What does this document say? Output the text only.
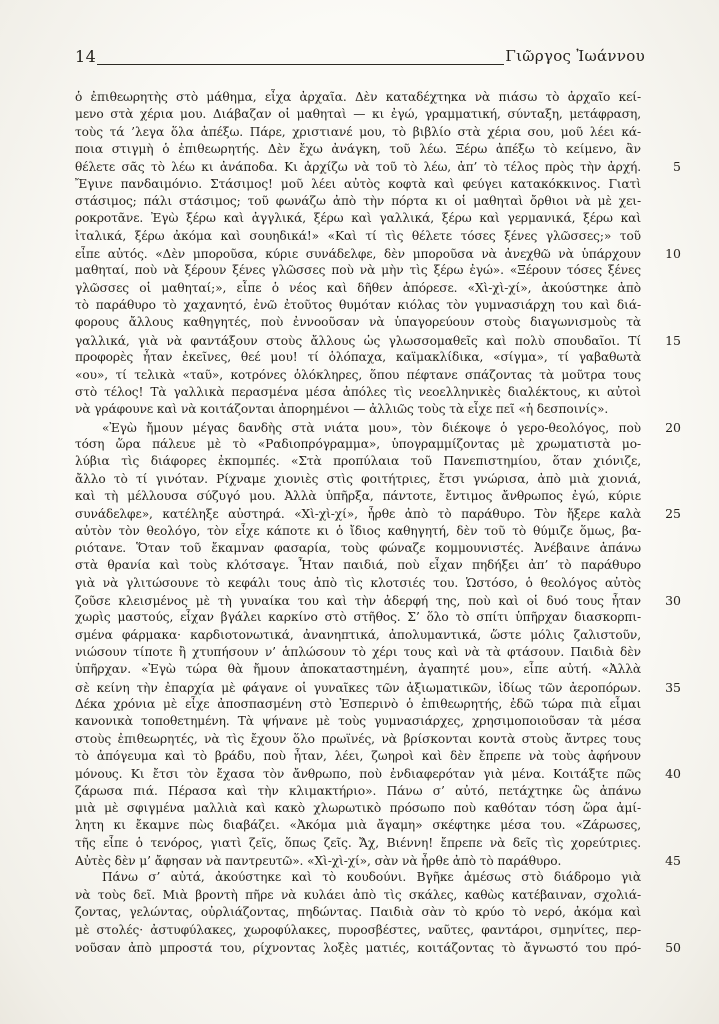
14	Γιῶργος Ἰωάννου
ὁ ἐπιθεωρητὴς στὸ μάθημα, εἶχα ἀρχαῖα. Δὲν καταδέχτηκα νὰ πιάσω τὸ ἀρχαῖο κεί-
μενο στὰ χέρια μου. Διάβαζαν οἱ μαθηταὶ — κι ἐγώ, γραμματική, σύνταξη, μετάφραση,
τοὺς τά ’λεγα ὅλα ἀπέξω. Πάρε, χριστιανέ μου, τὸ βιβλίο στὰ χέρια σου, μοῦ λέει κά-
ποια στιγμὴ ὁ ἐπιθεωρητής. Δὲν ἔχω ἀνάγκη, τοῦ λέω. Ξέρω ἀπέξω τὸ κείμενο, ἂν
θέλετε σᾶς τὸ λέω κι ἀνάποδα. Κι ἀρχίζω νὰ τοῦ τὸ λέω, ἀπ’ τὸ τέλος πρὸς τὴν ἀρχή.	5
Ἔγινε πανδαιμόνιο. Στάσιμος! μοῦ λέει αὐτὸς κοφτὰ καὶ φεύγει κατακόκκινος. Γιατὶ
στάσιμος; πάλι στάσιμος; τοῦ φωνάζω ἀπὸ τὴν πόρτα κι οἱ μαθηταὶ ὄρθιοι νὰ μὲ χει-
ροκροτᾶνε. Ἐγὼ ξέρω καὶ ἀγγλικά, ξέρω καὶ γαλλικά, ξέρω καὶ γερμανικά, ξέρω καὶ
ἰταλικά, ξέρω ἀκόμα καὶ σουηδικά!» «Καὶ τί τὶς θέλετε τόσες ξένες γλῶσσες;» τοῦ
εἶπε αὐτός. «Δὲν μποροῦσα, κύριε συνάδελφε, δὲν μποροῦσα νὰ ἀνεχθῶ νὰ ὑπάρχουν	10
μαθηταί, ποὺ νὰ ξέρουν ξένες γλῶσσες ποὺ νὰ μὴν τὶς ξέρω ἐγώ». «Ξέρουν τόσες ξένες
γλῶσσες οἱ μαθηταί;», εἶπε ὁ νέος καὶ δῆθεν ἀπόρεσε. «Χὶ-χὶ-χί», ἀκούστηκε ἀπὸ
τὸ παράθυρο τὸ χαχανητό, ἐνῶ ἐτοῦτος θυμόταν κιόλας τὸν γυμνασιάρχη του καὶ διά-
φορους ἄλλους καθηγητές, ποὺ ἐννοοῦσαν νὰ ὑπαγορεύουν στοὺς διαγωνισμοὺς τὰ
γαλλικά, γιὰ νὰ φαντάξουν στοὺς ἄλλους ὡς γλωσσομαθεῖς καὶ πολὺ σπουδαῖοι. Τί	15
προφορὲς ἦταν ἐκεῖνες, θεέ μου! τί ὁλόπαχα, καϊμακλίδικα, «σίγμα», τί γαβαθωτὰ
«ου», τί τελικὰ «ταῦ», κοτρόνες ὁλόκληρες, ὅπου πέφτανε σπάζοντας τὰ μοῦτρα τους
στὸ τέλος! Τὰ γαλλικὰ περασμένα μέσα ἀπόλες τὶς νεοελληνικὲς διαλέκτους, κι αὐτοὶ
νὰ γράφουνε καὶ νὰ κοιτάζονται ἀπορημένοι — ἀλλιῶς τοὺς τὰ εἶχε πεῖ «ἡ δεσποινίς».
«Ἐγὼ ἤμουν μέγας δανδὴς στὰ νιάτα μου», τὸν διέκοψε ὁ γερο-θεολόγος, ποὺ	20
τόση ὥρα πάλευε μὲ τὸ «Ραδιοπρόγραμμα», ὑπογραμμίζοντας μὲ χρωματιστὰ μο-
λύβια τὶς διάφορες ἐκπομπές. «Στὰ προπύλαια τοῦ Πανεπιστημίου, ὅταν χιόνιζε,
ἄλλο τὸ τί γινόταν. Ρίχναμε χιονιὲς στὶς φοιτήτριες, ἔτσι γνώρισα, ἀπὸ μιὰ χιονιά,
καὶ τὴ μέλλουσα σύζυγό μου. Ἀλλὰ ὑπῆρξα, πάντοτε, ἔντιμος ἄνθρωπος ἐγώ, κύριε
συνάδελφε», κατέληξε αὐστηρά. «Χὶ-χὶ-χί», ἦρθε ἀπὸ τὸ παράθυρο. Τὸν ἤξερε καλὰ	25
αὐτὸν τὸν θεολόγο, τὸν εἶχε κάποτε κι ὁ ἴδιος καθηγητή, δὲν τοῦ τὸ θύμιζε ὅμως, βα-
ριότανε. Ὅταν τοῦ ἔκαμναν φασαρία, τοὺς φώναζε κομμουνιστές. Ἀνέβαινε ἀπάνω
στὰ θρανία καὶ τοὺς κλότσαγε. Ἦταν παιδιά, ποὺ εἶχαν πηδήξει ἀπ’ τὸ παράθυρο
γιὰ νὰ γλιτώσουνε τὸ κεφάλι τους ἀπὸ τὶς κλοτσιές του. Ὡστόσο, ὁ θεολόγος αὐτὸς
ζοῦσε κλεισμένος μὲ τὴ γυναίκα του καὶ τὴν ἀδερφή της, ποὺ καὶ οἱ δυό τους ἦταν	30
χωρὶς μαστούς, εἶχαν βγάλει καρκίνο στὸ στῆθος. Σ’ ὅλο τὸ σπίτι ὑπῆρχαν διασκορπι-
σμένα φάρμακα· καρδιοτονωτικά, ἀνανηπτικά, ἀπολυμαντικά, ὥστε μόλις ζαλιστοῦν,
νιώσουν τίποτε ἢ χτυπήσουν ν’ ἁπλώσουν τὸ χέρι τους καὶ νὰ τὰ φτάσουν. Παιδιὰ δὲν
ὑπῆρχαν. «Ἐγὼ τώρα θὰ ἤμουν ἀποκαταστημένη, ἀγαπητέ μου», εἶπε αὐτή. «Ἀλλὰ
σὲ κείνη τὴν ἐπαρχία μὲ φάγανε οἱ γυναῖκες τῶν ἀξιωματικῶν, ἰδίως τῶν ἀεροπόρων.	35
Δέκα χρόνια μὲ εἶχε ἀποσπασμένη στὸ Ἑσπερινὸ ὁ ἐπιθεωρητής, ἐδῶ τώρα πιὰ εἶμαι
κανονικὰ τοποθετημένη. Τὰ ψήνανε μὲ τοὺς γυμνασιάρχες, χρησιμοποιοῦσαν τὰ μέσα
στοὺς ἐπιθεωρητές, νὰ τὶς ἔχουν ὅλο πρωϊνές, νὰ βρίσκονται κοντὰ στοὺς ἄντρες τους
τὸ ἀπόγευμα καὶ τὸ βράδυ, ποὺ ἦταν, λέει, ζωηροὶ καὶ δὲν ἔπρεπε νὰ τοὺς ἀφήνουν
μόνους. Κι ἔτσι τὸν ἔχασα τὸν ἄνθρωπο, ποὺ ἐνδιαφερόταν γιὰ μένα. Κοιτάξτε πῶς	40
ζάρωσα πιά. Πέρασα καὶ τὴν κλιμακτήριο». Πάνω σ’ αὐτό, πετάχτηκε ὣς ἀπάνω
μιὰ μὲ σφιγμένα μαλλιὰ καὶ κακὸ χλωρωτικὸ πρόσωπο ποὺ καθόταν τόση ὥρα ἀμί-
λητη κι ἔκαμνε πὼς διαβάζει. «Ἀκόμα μιὰ ἄγαμη» σκέφτηκε μέσα του. «Ζάρωσες,
τῆς εἶπε ὁ τενόρος, γιατὶ ζεῖς, ὅπως ζεῖς. Ἄχ, Βιέννη! ἔπρεπε νὰ δεῖς τὶς χορεύτριες.
Αὐτὲς δὲν μ’ ἄφησαν νὰ παντρευτῶ». «Χὶ-χὶ-χί», σὰν νὰ ἦρθε ἀπὸ τὸ παράθυρο.	45
Πάνω σ’ αὐτά, ἀκούστηκε καὶ τὸ κουδούνι. Βγῆκε ἀμέσως στὸ διάδρομο γιὰ
νὰ τοὺς δεῖ. Μιὰ βροντὴ πῆρε νὰ κυλάει ἀπὸ τὶς σκάλες, καθὼς κατέβαιναν, σχολιά-
ζοντας, γελώντας, οὐρλιάζοντας, πηδώντας. Παιδιὰ σὰν τὸ κρύο τὸ νερό, ἀκόμα καὶ
μὲ στολές· ἀστυφύλακες, χωροφύλακες, πυροσβέστες, ναῦτες, φαντάροι, σμηνίτες, περ-
νοῦσαν ἀπὸ μπροστά του, ρίχνοντας λοξὲς ματιές, κοιτάζοντας τὸ ἄγνωστό του πρό-	50
